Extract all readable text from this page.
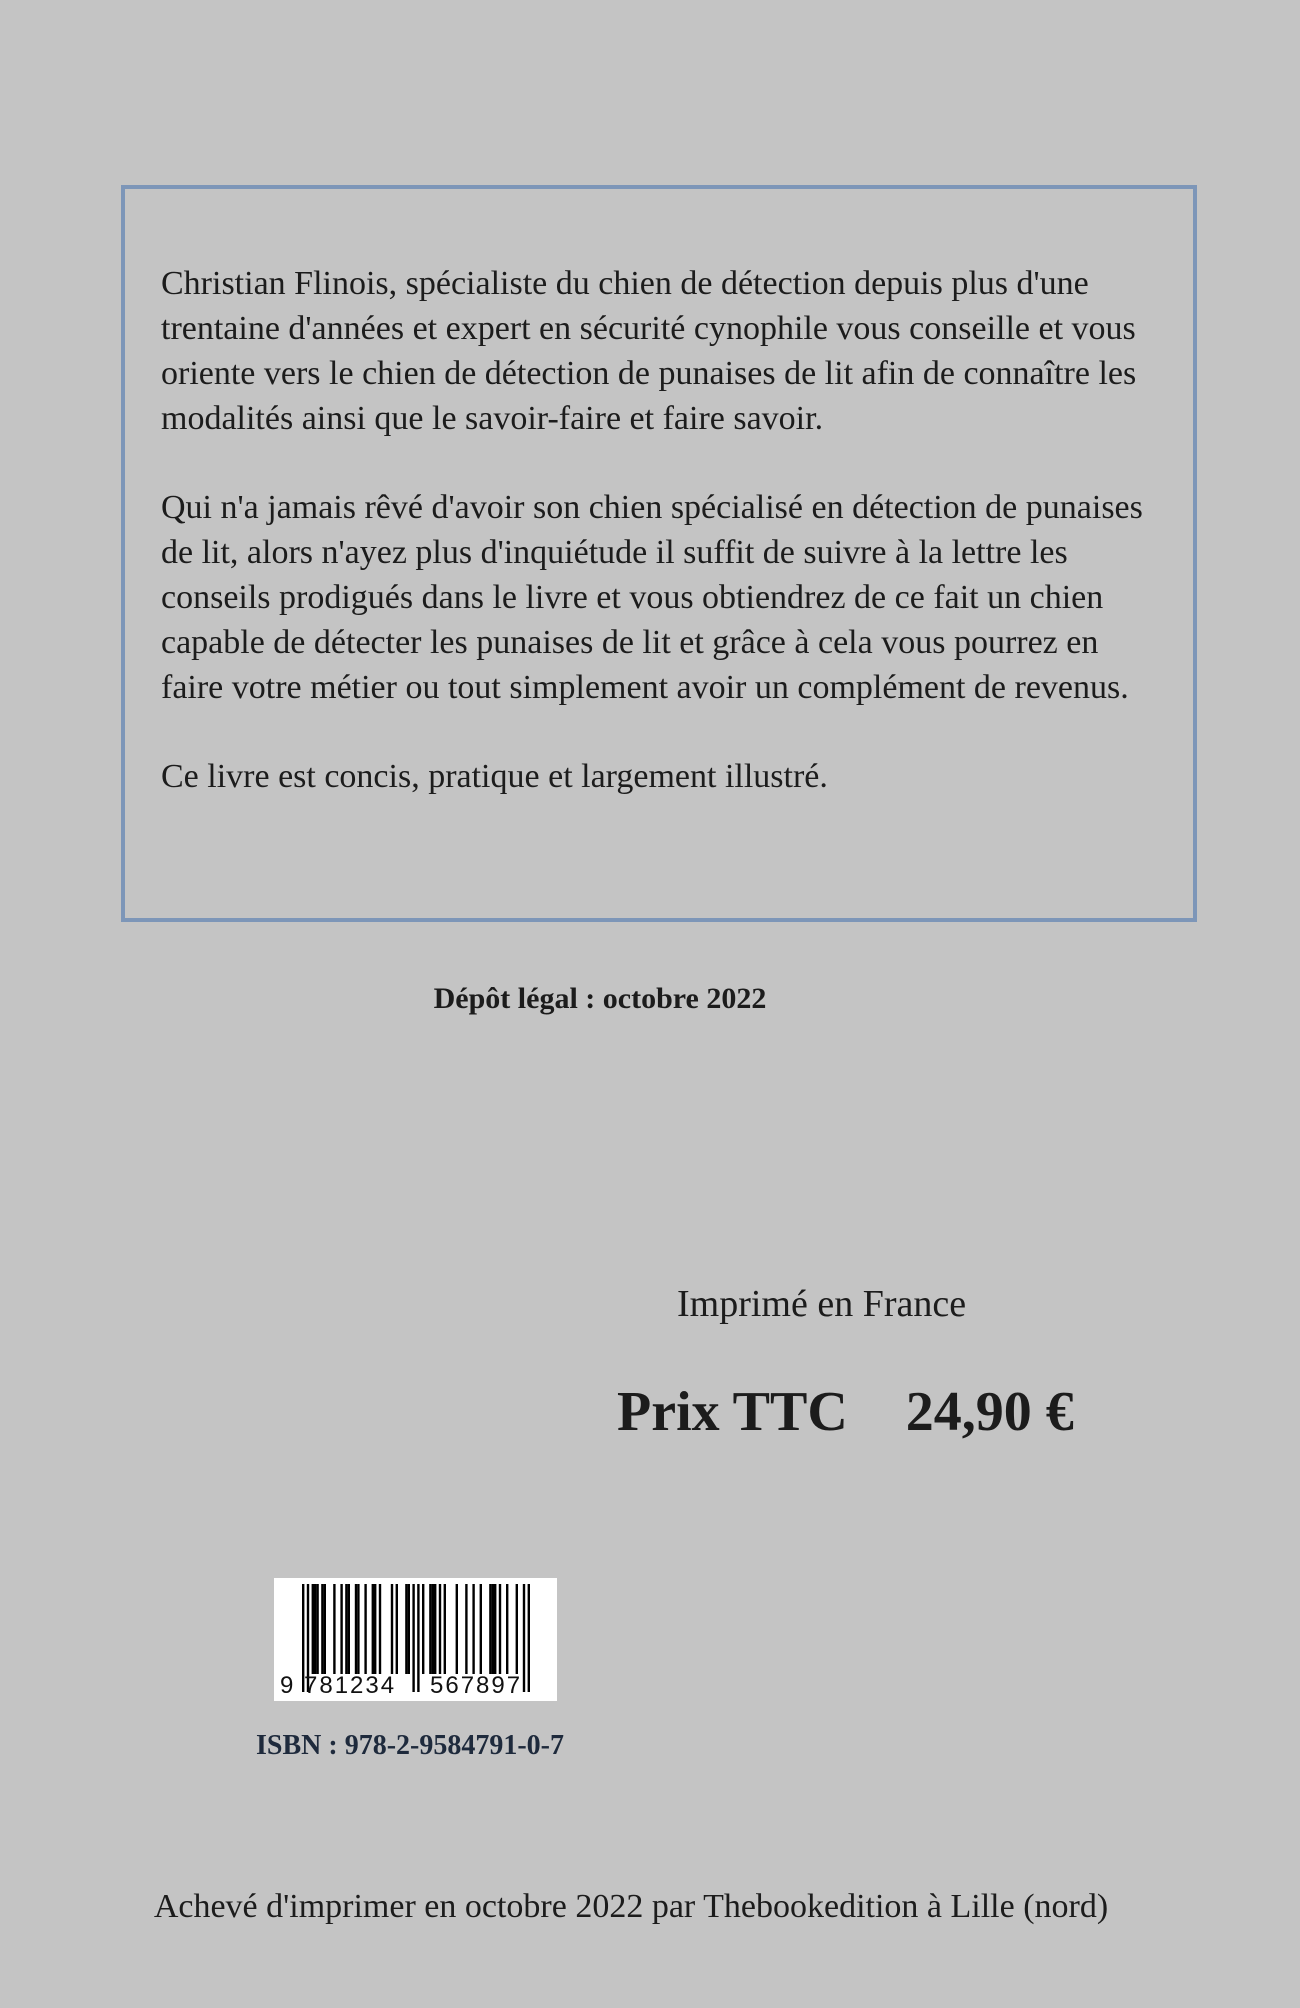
Christian Flinois, spécialiste du chien de détection depuis plus d'une trentaine d'années et expert en sécurité cynophile vous conseille et vous oriente vers le chien de détection de punaises de lit afin de connaître les modalités ainsi que le savoir-faire et faire savoir.

Qui n'a jamais rêvé d'avoir son chien spécialisé en détection de punaises de lit, alors n'ayez plus d'inquiétude il suffit de suivre à la lettre les conseils prodigués dans le livre et vous obtiendrez de ce fait un chien capable de détecter les punaises de lit et grâce à cela vous pourrez en faire votre métier ou tout simplement avoir un complément de revenus.

Ce livre est concis, pratique et largement illustré.

Dépôt légal : octobre 2022
Imprimé en France
Prix TTC 24,90 €
9 781234 567897
ISBN : 978-2-9584791-0-7
Achevé d'imprimer en octobre 2022 par Thebookedition à Lille (nord)
